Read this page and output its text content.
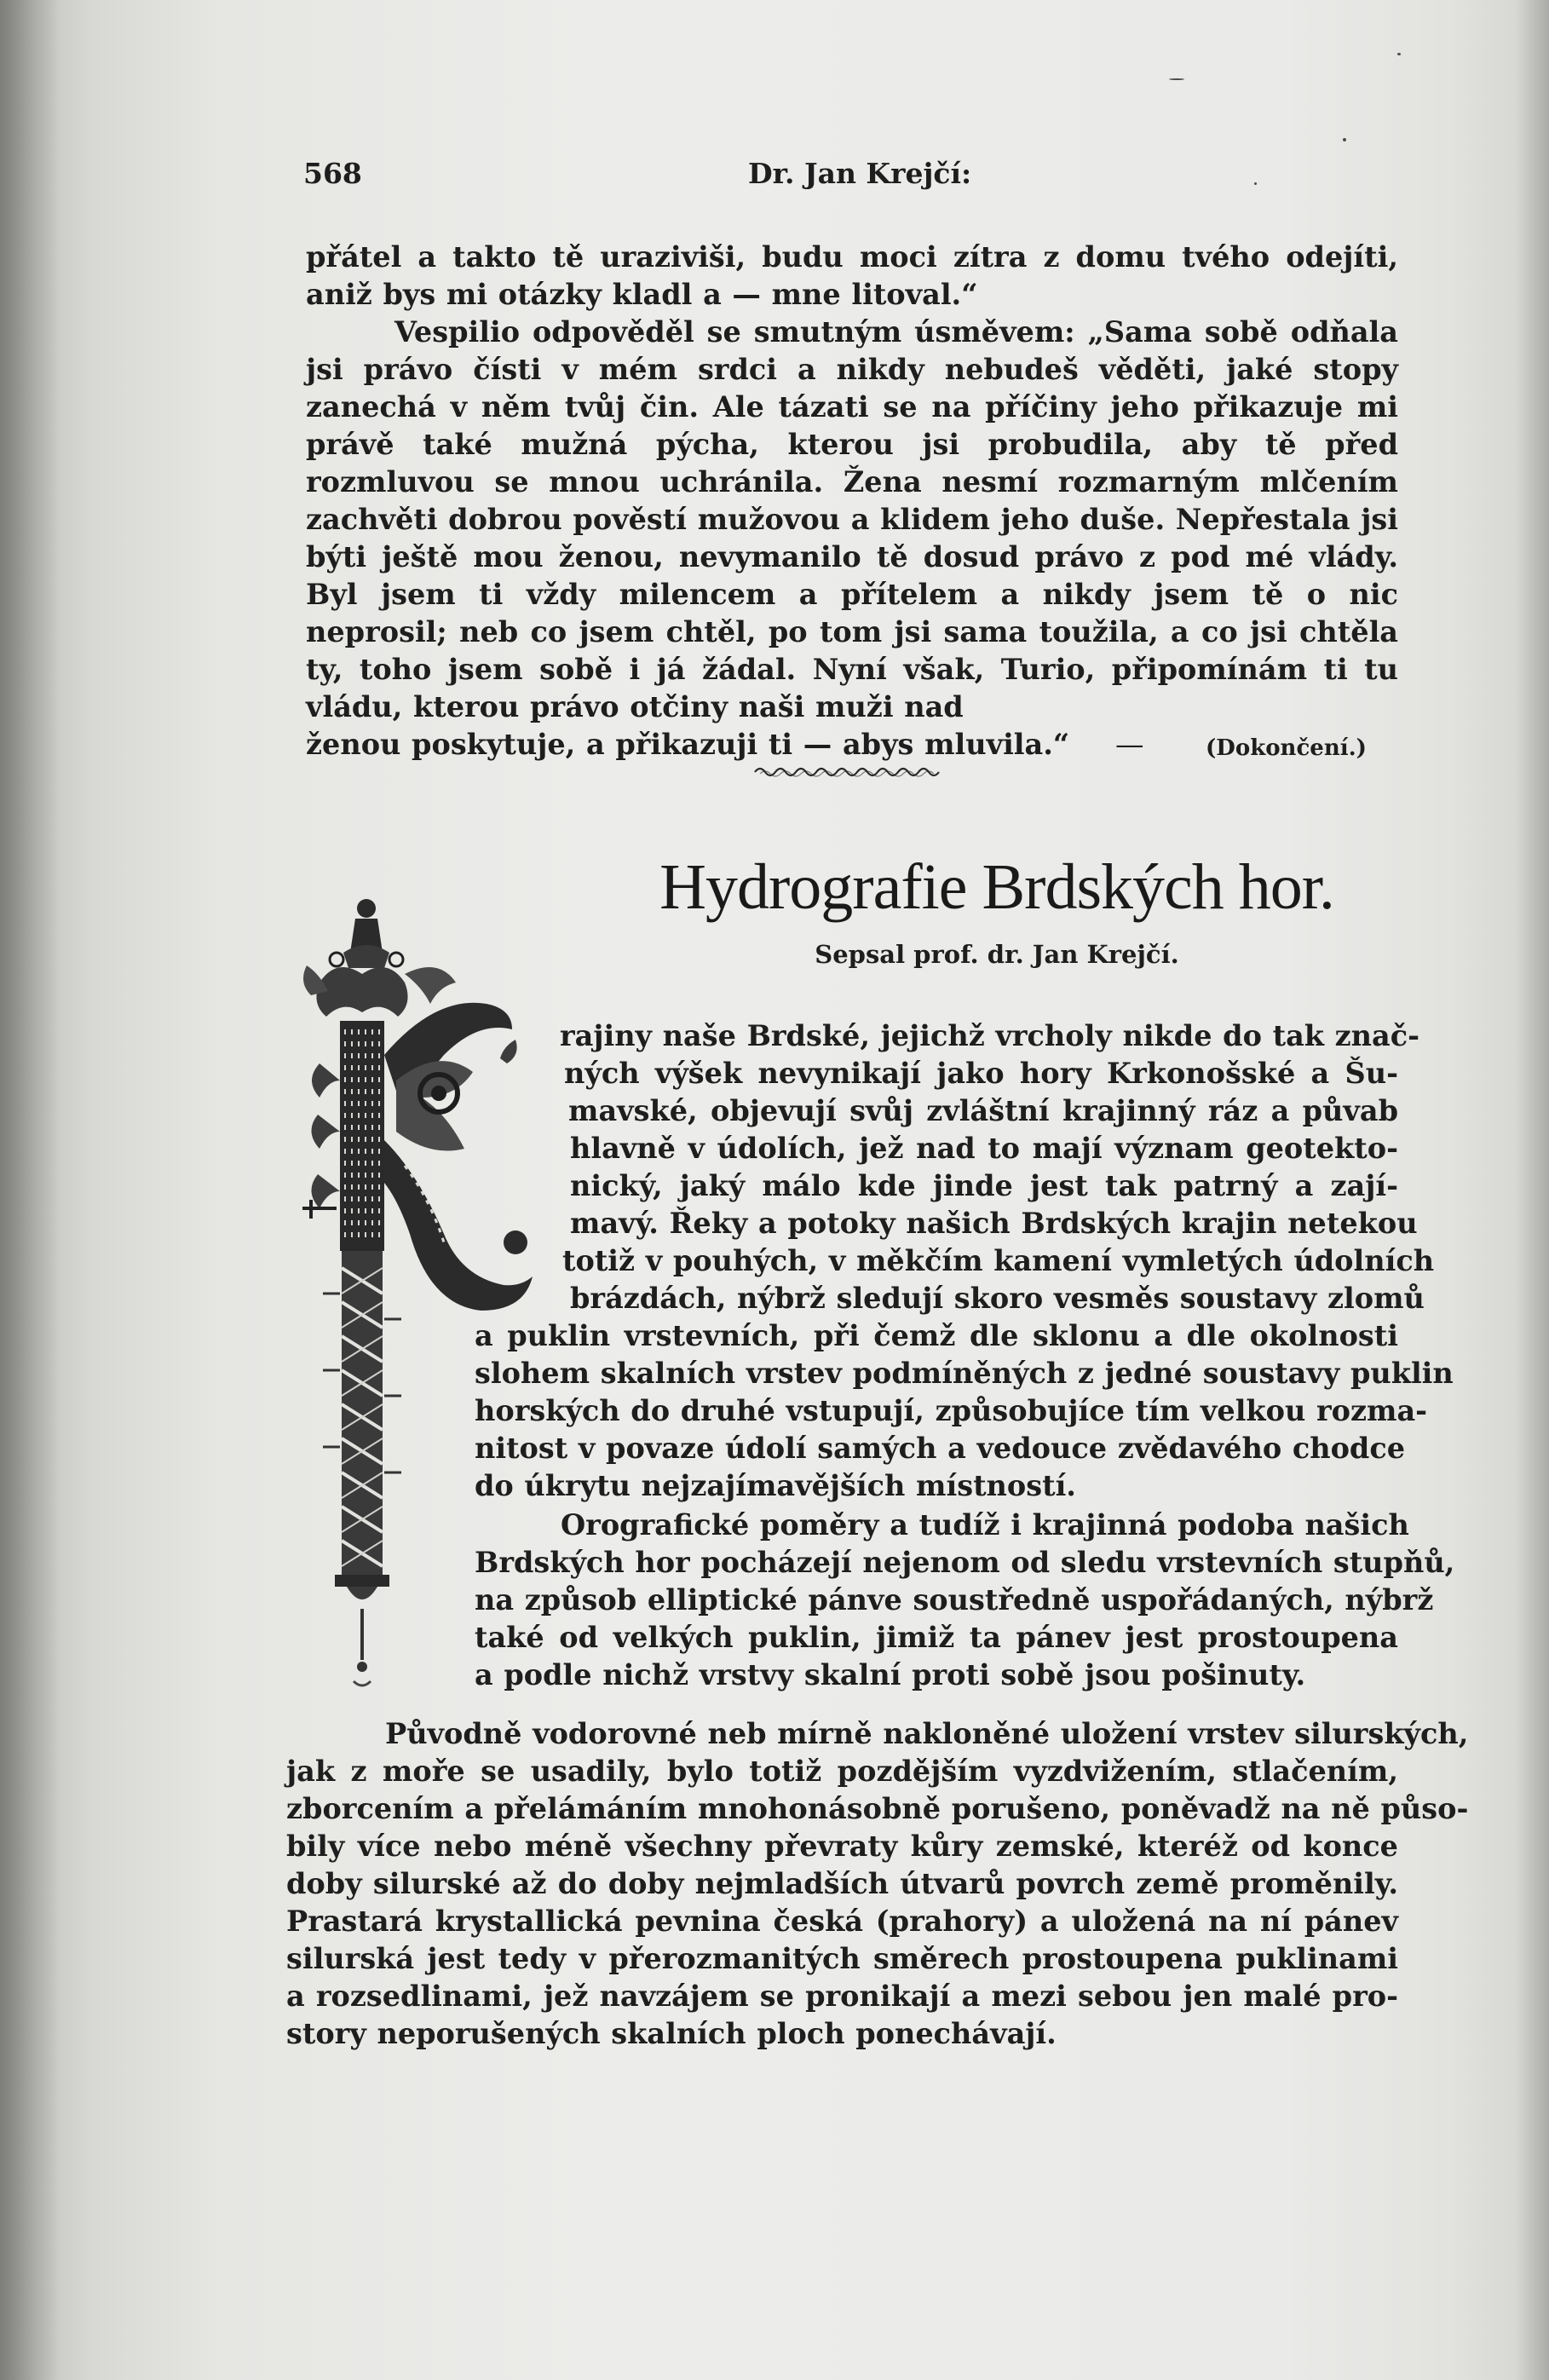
568	Dr. Jan Krejčí:

přátel a takto tě uraziviši, budu moci zítra z domu tvého odejíti, aniž bys mi otázky kladl a — mne litoval.“

Vespilio odpověděl se smutným úsměvem: „Sama sobě odňala jsi právo čísti v mém srdci a nikdy nebudeš věděti, jaké stopy zanechá v něm tvůj čin. Ale tázati se na příčiny jeho přikazuje mi právě také mužná pýcha, kterou jsi probudila, aby tě před rozmluvou se mnou uchránila. Žena nesmí rozmarným mlčením zachvěti dobrou pověstí mužovou a klidem jeho duše. Nepřestala jsi býti ještě mou ženou, nevymanilo tě dosud právo z pod mé vlády. Byl jsem ti vždy milencem a přítelem a nikdy jsem tě o nic neprosil; neb co jsem chtěl, po tom jsi sama toužila, a co jsi chtěla ty, toho jsem sobě i já žádal. Nyní však, Turio, připomínám ti tu vládu, kterou právo otčiny naši muži nad

ženou poskytuje, a přikazuji ti — abys mluvila.“ —	(Dokončení.)
Hydrografie Brdských hor.
Sepsal prof. dr. Jan Krejčí.
rajiny naše Brdské, jejichž vrcholy nikde do tak znač-
ných výšek nevynikají jako hory Krkonošské a Šu-
mavské, objevují svůj zvláštní krajinný ráz a půvab
hlavně v údolích, jež nad to mají význam geotekto-
nický, jaký málo kde jinde jest tak patrný a zají-
mavý. Řeky a potoky našich Brdských krajin netekou
totiž v pouhých, v měkčím kamení vymletých údolních
brázdách, nýbrž sledují skoro vesměs soustavy zlomů
a puklin vrstevních, při čemž dle sklonu a dle okolnosti
slohem skalních vrstev podmíněných z jedné soustavy puklin
horských do druhé vstupují, způsobujíce tím velkou rozma-
nitost v povaze údolí samých a vedouce zvědavého chodce
do úkrytu nejzajímavějších místností.
Orografické poměry a tudíž i krajinná podoba našich
Brdských hor pocházejí nejenom od sledu vrstevních stupňů,
na způsob elliptické pánve soustředně uspořádaných, nýbrž
také od velkých puklin, jimiž ta pánev jest prostoupena
a podle nichž vrstvy skalní proti sobě jsou pošinuty.
Původně vodorovné neb mírně nakloněné uložení vrstev silurských,
jak z moře se usadily, bylo totiž pozdějším vyzdvižením, stlačením,
zborcením a přelámáním mnohonásobně porušeno, poněvadž na ně půso-
bily více nebo méně všechny převraty kůry zemské, kteréž od konce
doby silurské až do doby nejmladších útvarů povrch země proměnily.
Prastará krystallická pevnina česká (prahory) a uložená na ní pánev
silurská jest tedy v přerozmanitých směrech prostoupena puklinami
a rozsedlinami, jež navzájem se pronikají a mezi sebou jen malé pro-
story neporušených skalních ploch ponechávají.
